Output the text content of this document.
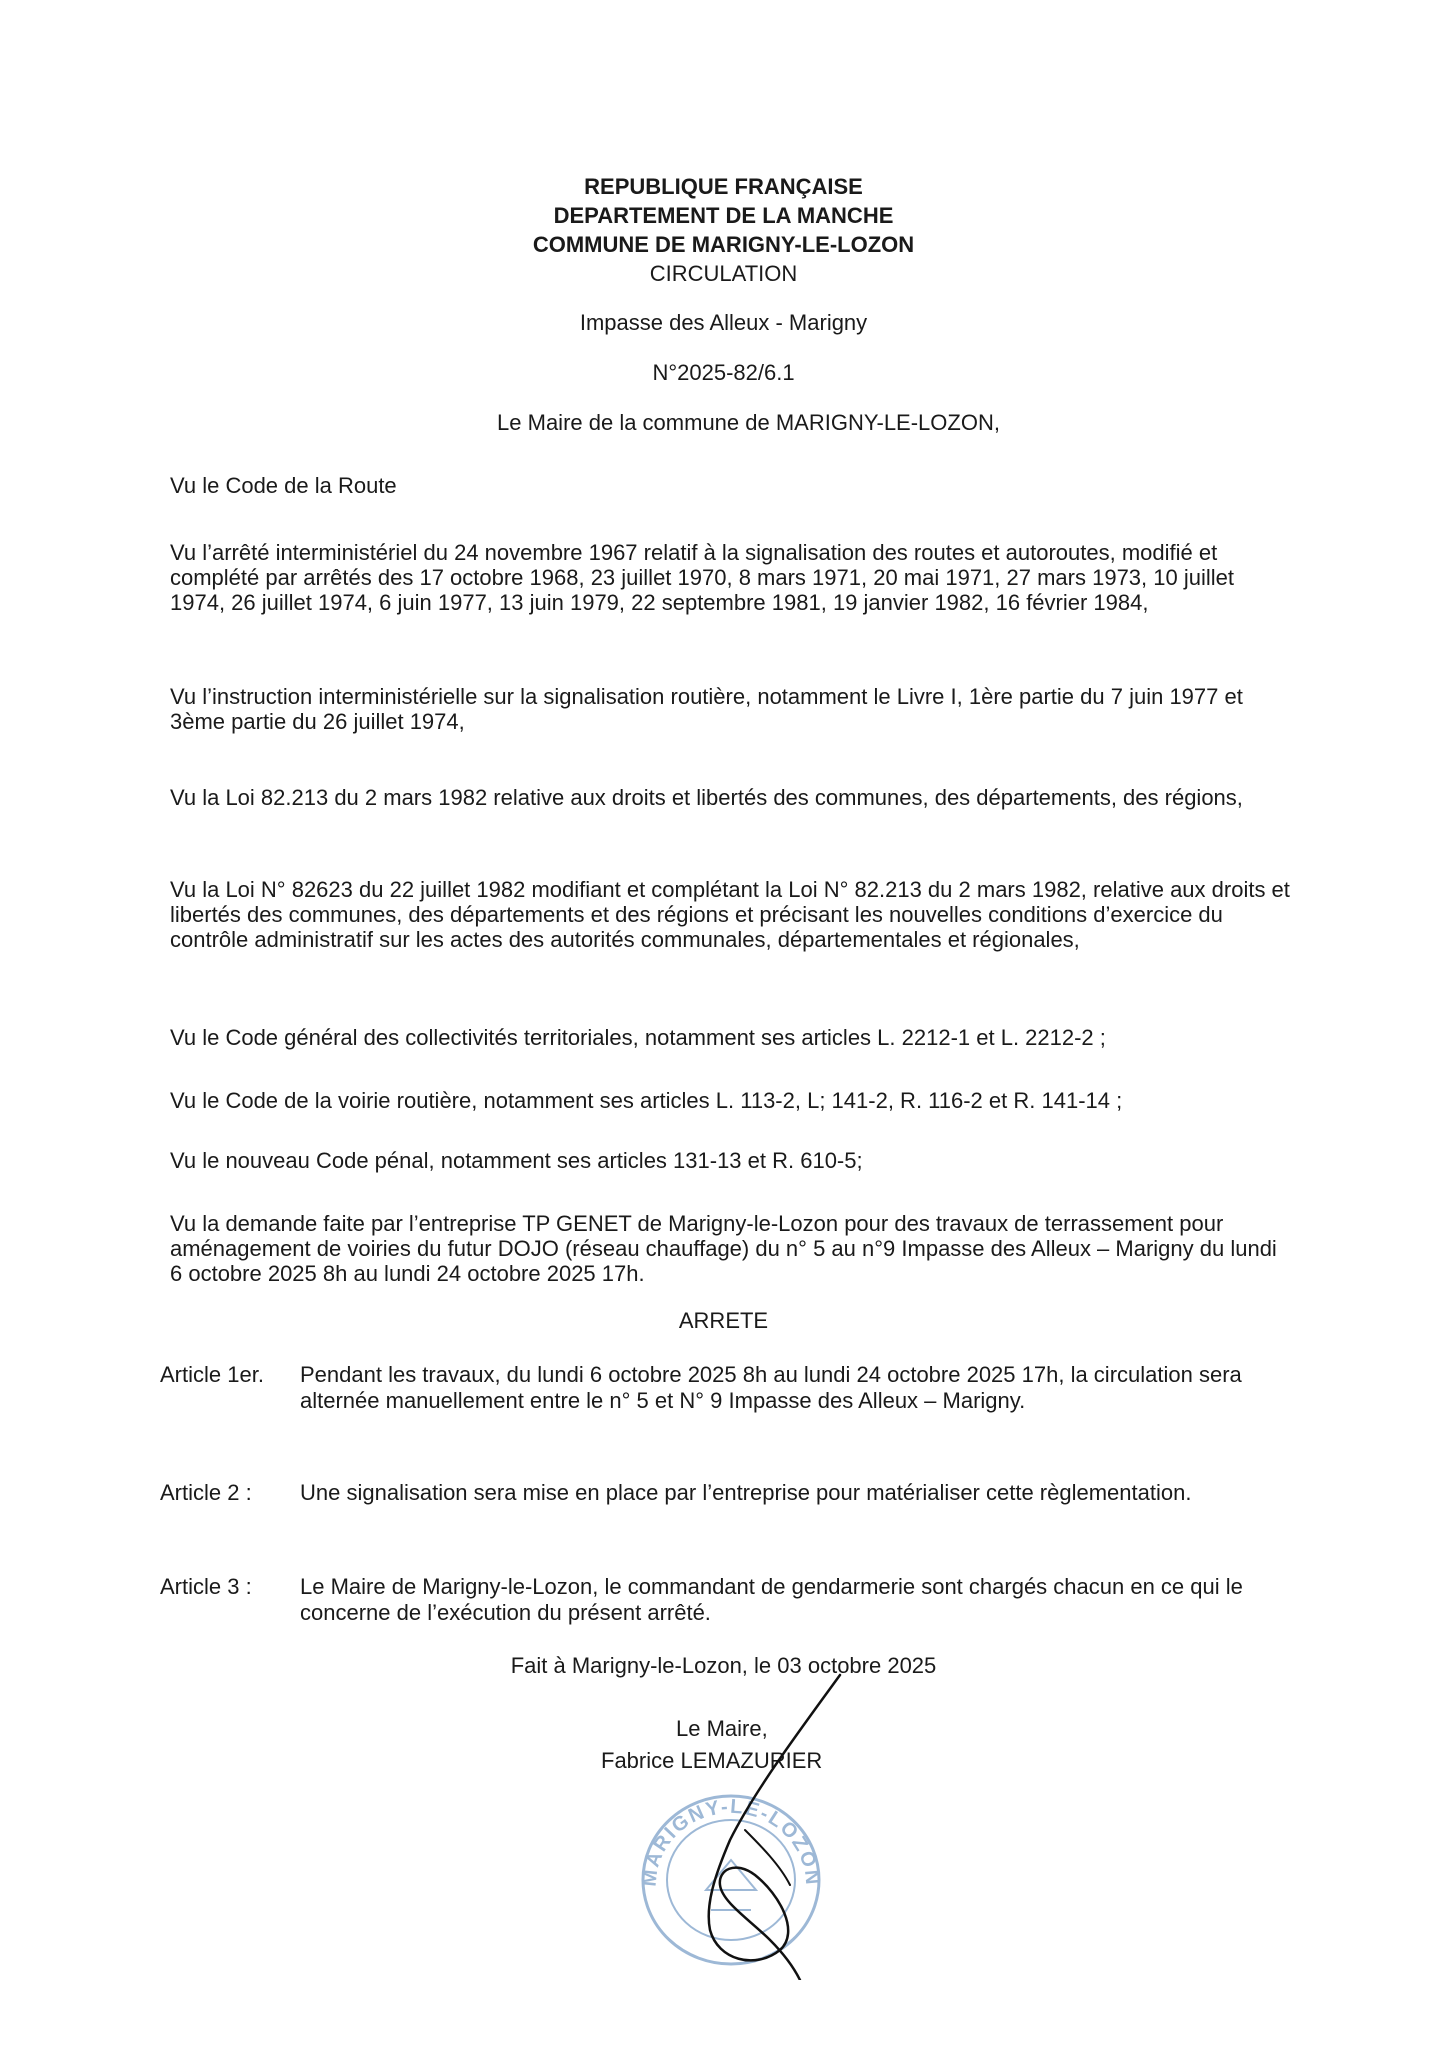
REPUBLIQUE FRANÇAISE
DEPARTEMENT DE LA MANCHE
COMMUNE DE MARIGNY-LE-LOZON
CIRCULATION
Impasse des Alleux - Marigny
N°2025-82/6.1
Le Maire de la commune de MARIGNY-LE-LOZON,
Vu le Code de la Route
Vu l’arrêté interministériel du 24 novembre 1967 relatif à la signalisation des routes et autoroutes, modifié et complété par arrêtés des 17 octobre 1968, 23 juillet 1970, 8 mars 1971, 20 mai 1971, 27 mars 1973, 10 juillet 1974, 26 juillet 1974, 6 juin 1977, 13 juin 1979, 22 septembre 1981, 19 janvier 1982, 16 février 1984,
Vu l’instruction interministérielle sur la signalisation routière, notamment le Livre I, 1ère partie du 7 juin 1977 et 3ème partie du 26 juillet 1974,
Vu la Loi 82.213 du 2 mars 1982 relative aux droits et libertés des communes, des départements, des régions,
Vu la Loi N° 82623 du 22 juillet 1982 modifiant et complétant la Loi N° 82.213 du 2 mars 1982, relative aux droits et libertés des communes, des départements et des régions et précisant les nouvelles conditions d’exercice du contrôle administratif sur les actes des autorités communales, départementales et régionales,
Vu le Code général des collectivités territoriales, notamment ses articles L. 2212-1 et L. 2212-2 ;
Vu le Code de la voirie routière, notamment ses articles L. 113-2, L; 141-2, R. 116-2 et R. 141-14 ;
Vu le nouveau Code pénal, notamment ses articles 131-13 et R. 610-5;
Vu la demande faite par l’entreprise TP GENET de Marigny-le-Lozon pour des travaux de terrassement pour aménagement de voiries du futur DOJO (réseau chauffage) du n° 5 au n°9 Impasse des Alleux – Marigny du lundi 6 octobre 2025 8h au lundi 24 octobre 2025 17h.
ARRETE
Article 1er.	Pendant les travaux, du lundi 6 octobre 2025 8h au lundi 24 octobre 2025 17h, la circulation sera alternée manuellement entre le n° 5 et N° 9 Impasse des Alleux – Marigny.
Article 2 :	Une signalisation sera mise en place par l’entreprise pour matérialiser cette règlementation.
Article 3 :	Le Maire de Marigny-le-Lozon, le commandant de gendarmerie sont chargés chacun en ce qui le concerne de l’exécution du présent arrêté.
Fait à Marigny-le-Lozon, le 03 octobre 2025
Le Maire,
Fabrice LEMAZURIER
MARIGNY-LE-LOZON
